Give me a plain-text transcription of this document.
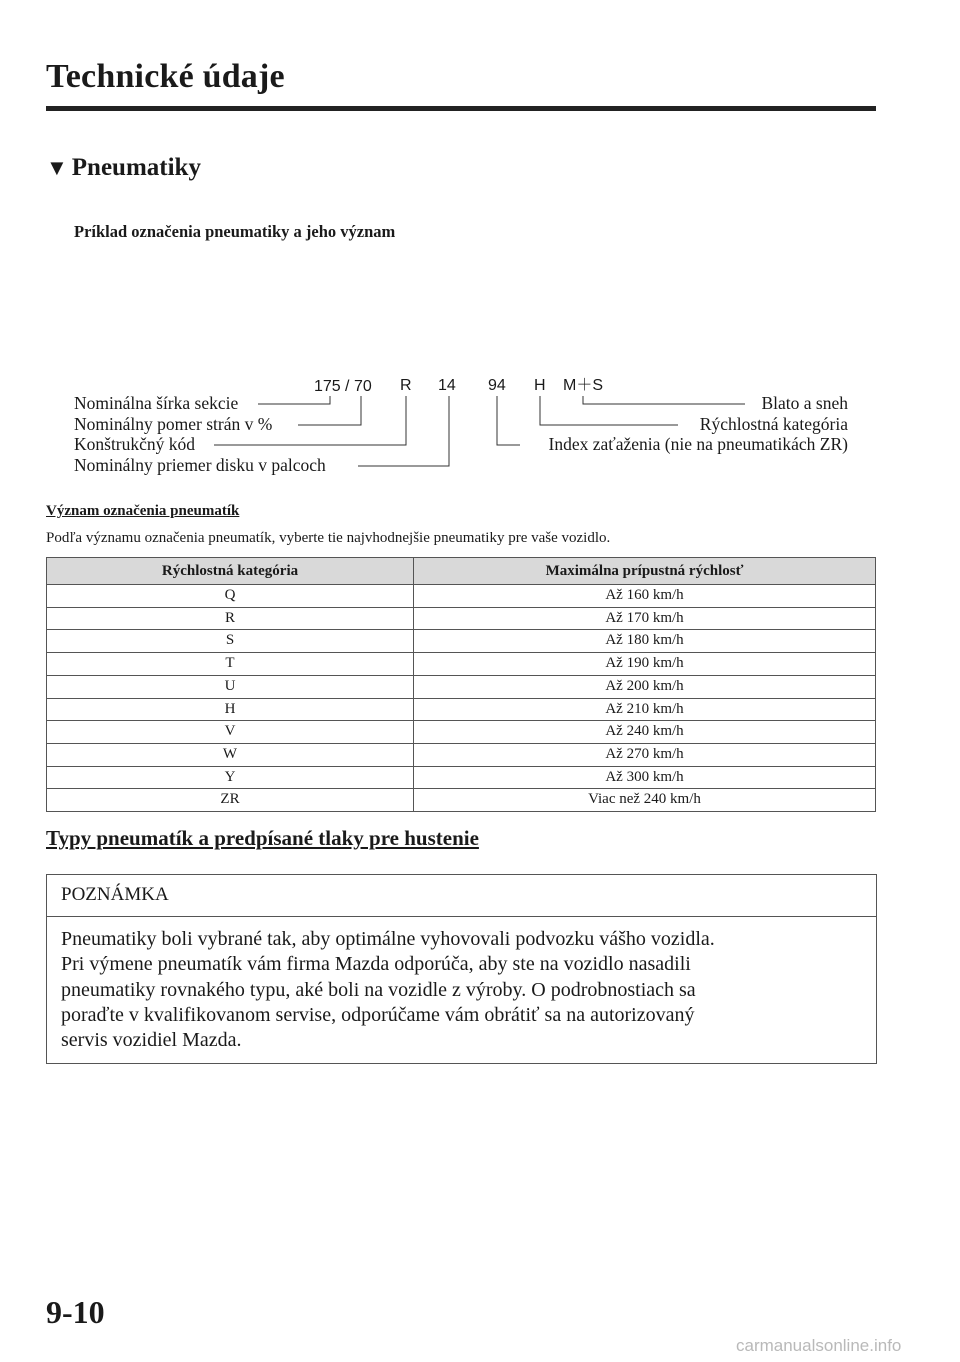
Technické údaje
▼ Pneumatiky
Príklad označenia pneumatiky a jeho význam
175 / 70 R 14 94 H M＋S
Nominálna šírka sekcie
Nominálny pomer strán v %
Konštrukčný kód
Nominálny priemer disku v palcoch
Blato a sneh
Rýchlostná kategória
Index zaťaženia (nie na pneumatikách ZR)
Význam označenia pneumatík
Podľa významu označenia pneumatík, vyberte tie najvhodnejšie pneumatiky pre vaše vozidlo.
Rýchlostná kategória	Maximálna prípustná rýchlosť
Q	Až 160 km/h
R	Až 170 km/h
S	Až 180 km/h
T	Až 190 km/h
U	Až 200 km/h
H	Až 210 km/h
V	Až 240 km/h
W	Až 270 km/h
Y	Až 300 km/h
ZR	Viac než 240 km/h
Typy pneumatík a predpísané tlaky pre hustenie
POZNÁMKA
Pneumatiky boli vybrané tak, aby optimálne vyhovovali podvozku vášho vozidla.
Pri výmene pneumatík vám firma Mazda odporúča, aby ste na vozidlo nasadili
pneumatiky rovnakého typu, aké boli na vozidle z výroby. O podrobnostiach sa
poraďte v kvalifikovanom servise, odporúčame vám obrátiť sa na autorizovaný
servis vozidiel Mazda.
9-10
carmanualsonline.info
